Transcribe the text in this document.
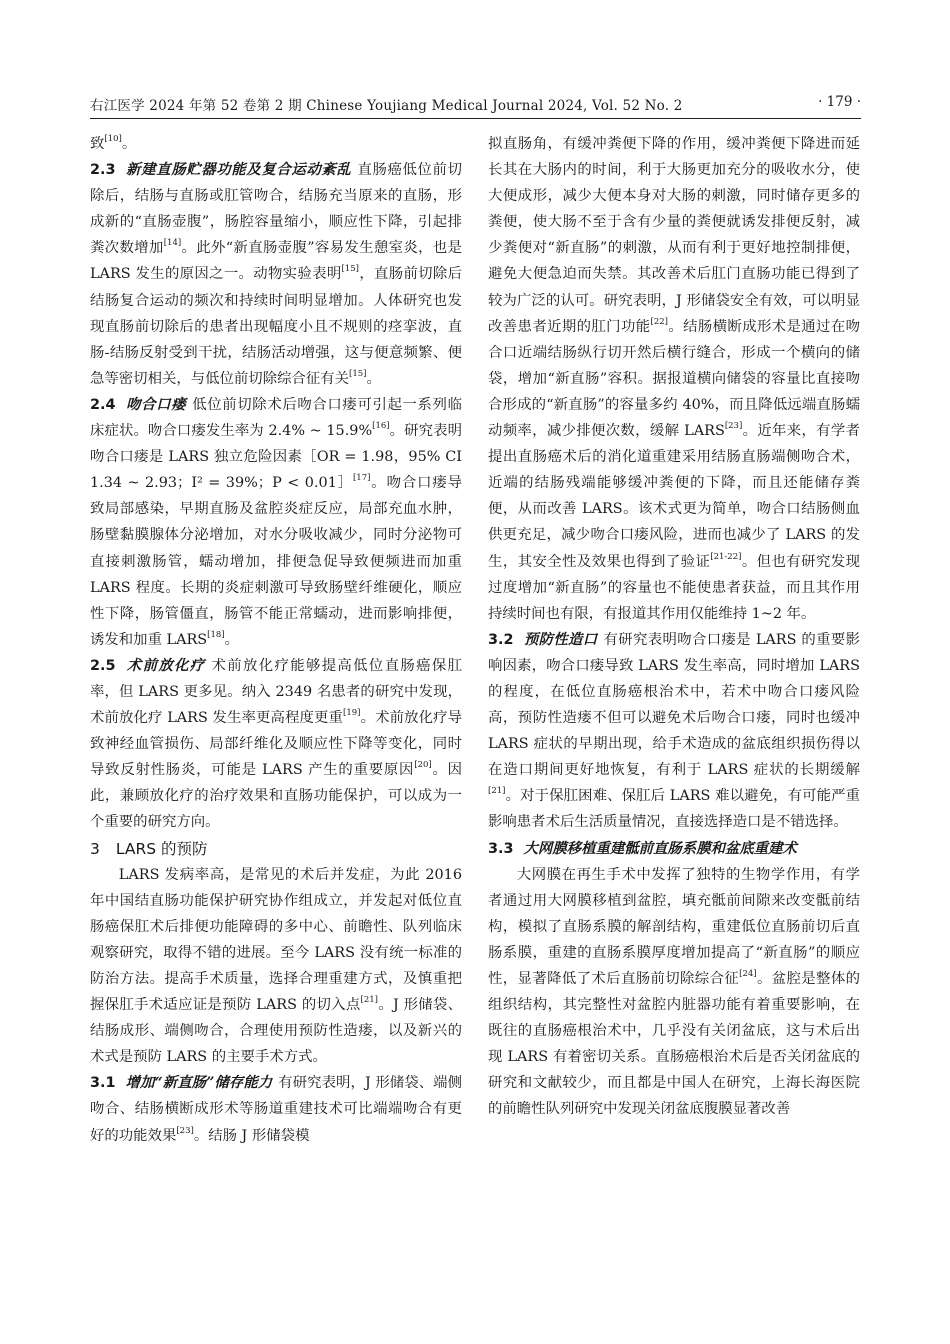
右江医学 2024 年第 52 卷第 2 期 Chinese Youjiang Medical Journal 2024, Vol. 52 No. 2	· 179 ·

致[10]。

2.3 新建直肠贮器功能及复合运动紊乱 直肠癌低位前切除后，结肠与直肠或肛管吻合，结肠充当原来的直肠，形成新的“直肠壶腹”，肠腔容量缩小，顺应性下降，引起排粪次数增加[14]。此外“新直肠壶腹”容易发生憩室炎，也是 LARS 发生的原因之一。动物实验表明[15]，直肠前切除后结肠复合运动的频次和持续时间明显增加。人体研究也发现直肠前切除后的患者出现幅度小且不规则的痉挛波，直肠-结肠反射受到干扰，结肠活动增强，这与便意频繁、便急等密切相关，与低位前切除综合征有关[15]。

2.4 吻合口瘘 低位前切除术后吻合口瘘可引起一系列临床症状。吻合口瘘发生率为 2.4% ~ 15.9%[16]。研究表明吻合口瘘是 LARS 独立危险因素［OR = 1.98，95% CI 1.34 ~ 2.93；I² = 39%；P < 0.01］[17]。吻合口瘘导致局部感染，早期直肠及盆腔炎症反应，局部充血水肿，肠壁黏膜腺体分泌增加，对水分吸收减少，同时分泌物可直接刺激肠管，蠕动增加，排便急促导致便频进而加重 LARS 程度。长期的炎症刺激可导致肠壁纤维硬化，顺应性下降，肠管僵直，肠管不能正常蠕动，进而影响排便，诱发和加重 LARS[18]。

2.5 术前放化疗 术前放化疗能够提高低位直肠癌保肛率，但 LARS 更多见。纳入 2349 名患者的研究中发现，术前放化疗 LARS 发生率更高程度更重[19]。术前放化疗导致神经血管损伤、局部纤维化及顺应性下降等变化，同时导致反射性肠炎，可能是 LARS 产生的重要原因[20]。因此，兼顾放化疗的治疗效果和直肠功能保护，可以成为一个重要的研究方向。

3 LARS 的预防

LARS 发病率高，是常见的术后并发症，为此 2016 年中国结直肠功能保护研究协作组成立，并发起对低位直肠癌保肛术后排便功能障碍的多中心、前瞻性、队列临床观察研究，取得不错的进展。至今 LARS 没有统一标准的防治方法。提高手术质量，选择合理重建方式，及慎重把握保肛手术适应证是预防 LARS 的切入点[21]。J 形储袋、结肠成形、端侧吻合，合理使用预防性造瘘，以及新兴的术式是预防 LARS 的主要手术方式。

3.1 增加“新直肠”储存能力 有研究表明，J 形储袋、端侧吻合、结肠横断成形术等肠道重建技术可比端端吻合有更好的功能效果[23]。结肠 J 形储袋模

拟直肠角，有缓冲粪便下降的作用，缓冲粪便下降进而延长其在大肠内的时间，利于大肠更加充分的吸收水分，使大便成形，减少大便本身对大肠的刺激，同时储存更多的粪便，使大肠不至于含有少量的粪便就诱发排便反射，减少粪便对“新直肠”的刺激，从而有利于更好地控制排便，避免大便急迫而失禁。其改善术后肛门直肠功能已得到了较为广泛的认可。研究表明，J 形储袋安全有效，可以明显改善患者近期的肛门功能[22]。结肠横断成形术是通过在吻合口近端结肠纵行切开然后横行缝合，形成一个横向的储袋，增加“新直肠”容积。据报道横向储袋的容量比直接吻合形成的“新直肠”的容量多约 40%，而且降低远端直肠蠕动频率，减少排便次数，缓解 LARS[23]。近年来，有学者提出直肠癌术后的消化道重建采用结肠直肠端侧吻合术，近端的结肠残端能够缓冲粪便的下降，而且还能储存粪便，从而改善 LARS。该术式更为简单，吻合口结肠侧血供更充足，减少吻合口瘘风险，进而也减少了 LARS 的发生，其安全性及效果也得到了验证[21-22]。但也有研究发现过度增加“新直肠”的容量也不能使患者获益，而且其作用持续时间也有限，有报道其作用仅能维持 1~2 年。

3.2 预防性造口 有研究表明吻合口瘘是 LARS 的重要影响因素，吻合口瘘导致 LARS 发生率高，同时增加 LARS 的程度，在低位直肠癌根治术中，若术中吻合口瘘风险高，预防性造瘘不但可以避免术后吻合口瘘，同时也缓冲 LARS 症状的早期出现，给手术造成的盆底组织损伤得以在造口期间更好地恢复，有利于 LARS 症状的长期缓解[21]。对于保肛困难、保肛后 LARS 难以避免，有可能严重影响患者术后生活质量情况，直接选择造口是不错选择。

3.3 大网膜移植重建骶前直肠系膜和盆底重建术

大网膜在再生手术中发挥了独特的生物学作用，有学者通过用大网膜移植到盆腔，填充骶前间隙来改变骶前结构，模拟了直肠系膜的解剖结构，重建低位直肠前切后直肠系膜，重建的直肠系膜厚度增加提高了“新直肠”的顺应性，显著降低了术后直肠前切除综合征[24]。盆腔是整体的组织结构，其完整性对盆腔内脏器功能有着重要影响，在既往的直肠癌根治术中，几乎没有关闭盆底，这与术后出现 LARS 有着密切关系。直肠癌根治术后是否关闭盆底的研究和文献较少，而且都是中国人在研究，上海长海医院的前瞻性队列研究中发现关闭盆底腹膜显著改善
